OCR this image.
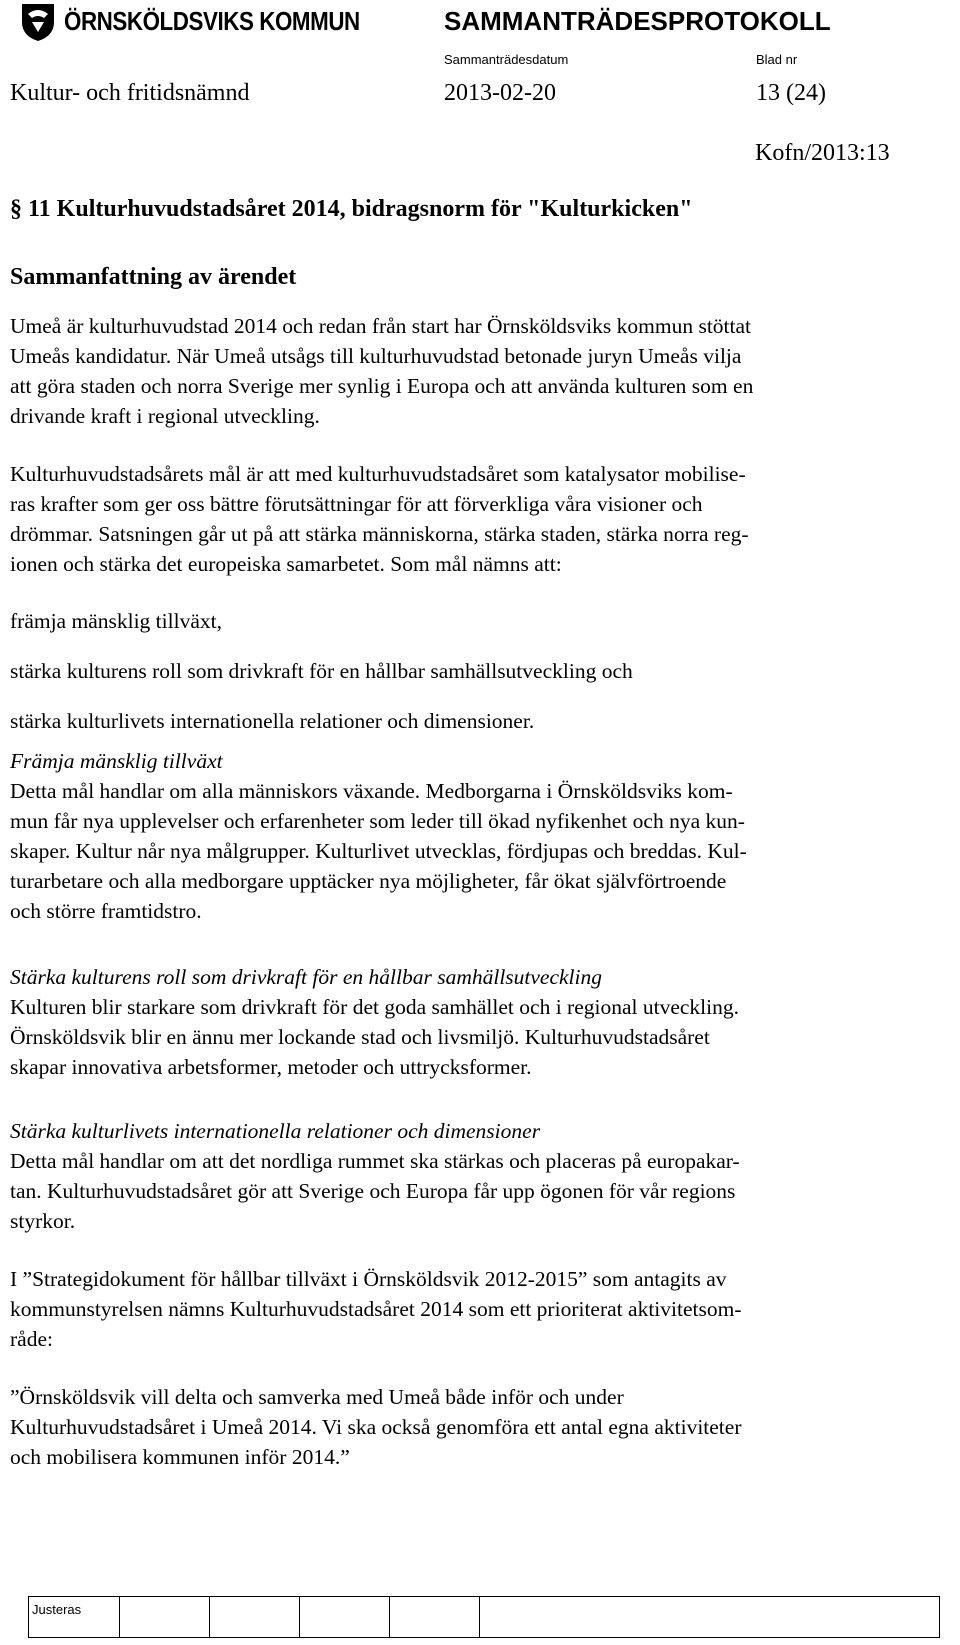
ÖRNSKÖLDSVIKS KOMMUN	SAMMANTRÄDESPROTOKOLL
Sammanträdesdatum	Blad nr
Kultur- och fritidsnämnd	2013-02-20	13 (24)
Kofn/2013:13
§ 11 Kulturhuvudstadsåret 2014, bidragsnorm för "Kulturkicken"
Sammanfattning av ärendet
Umeå är kulturhuvudstad 2014 och redan från start har Örnsköldsviks kommun stöttat
Umeås kandidatur. När Umeå utsågs till kulturhuvudstad betonade juryn Umeås vilja
att göra staden och norra Sverige mer synlig i Europa och att använda kulturen som en
drivande kraft i regional utveckling.
Kulturhuvudstadsårets mål är att med kulturhuvudstadsåret som katalysator mobilise-
ras krafter som ger oss bättre förutsättningar för att förverkliga våra visioner och
drömmar. Satsningen går ut på att stärka människorna, stärka staden, stärka norra reg-
ionen och stärka det europeiska samarbetet. Som mål nämns att:
främja mänsklig tillväxt,
stärka kulturens roll som drivkraft för en hållbar samhällsutveckling och
stärka kulturlivets internationella relationer och dimensioner.
Främja mänsklig tillväxt
Detta mål handlar om alla människors växande. Medborgarna i Örnsköldsviks kom-
mun får nya upplevelser och erfarenheter som leder till ökad nyfikenhet och nya kun-
skaper. Kultur når nya målgrupper. Kulturlivet utvecklas, fördjupas och breddas. Kul-
turarbetare och alla medborgare upptäcker nya möjligheter, får ökat självförtroende
och större framtidstro.
Stärka kulturens roll som drivkraft för en hållbar samhällsutveckling
Kulturen blir starkare som drivkraft för det goda samhället och i regional utveckling.
Örnsköldsvik blir en ännu mer lockande stad och livsmiljö. Kulturhuvudstadsåret
skapar innovativa arbetsformer, metoder och uttrycksformer.
Stärka kulturlivets internationella relationer och dimensioner
Detta mål handlar om att det nordliga rummet ska stärkas och placeras på europakar-
tan. Kulturhuvudstadsåret gör att Sverige och Europa får upp ögonen för vår regions
styrkor.
I ”Strategidokument för hållbar tillväxt i Örnsköldsvik 2012-2015” som antagits av
kommunstyrelsen nämns Kulturhuvudstadsåret 2014 som ett prioriterat aktivitetsom-
råde:
”Örnsköldsvik vill delta och samverka med Umeå både inför och under
Kulturhuvudstadsåret i Umeå 2014. Vi ska också genomföra ett antal egna aktiviteter
och mobilisera kommunen inför 2014.”
Justeras
